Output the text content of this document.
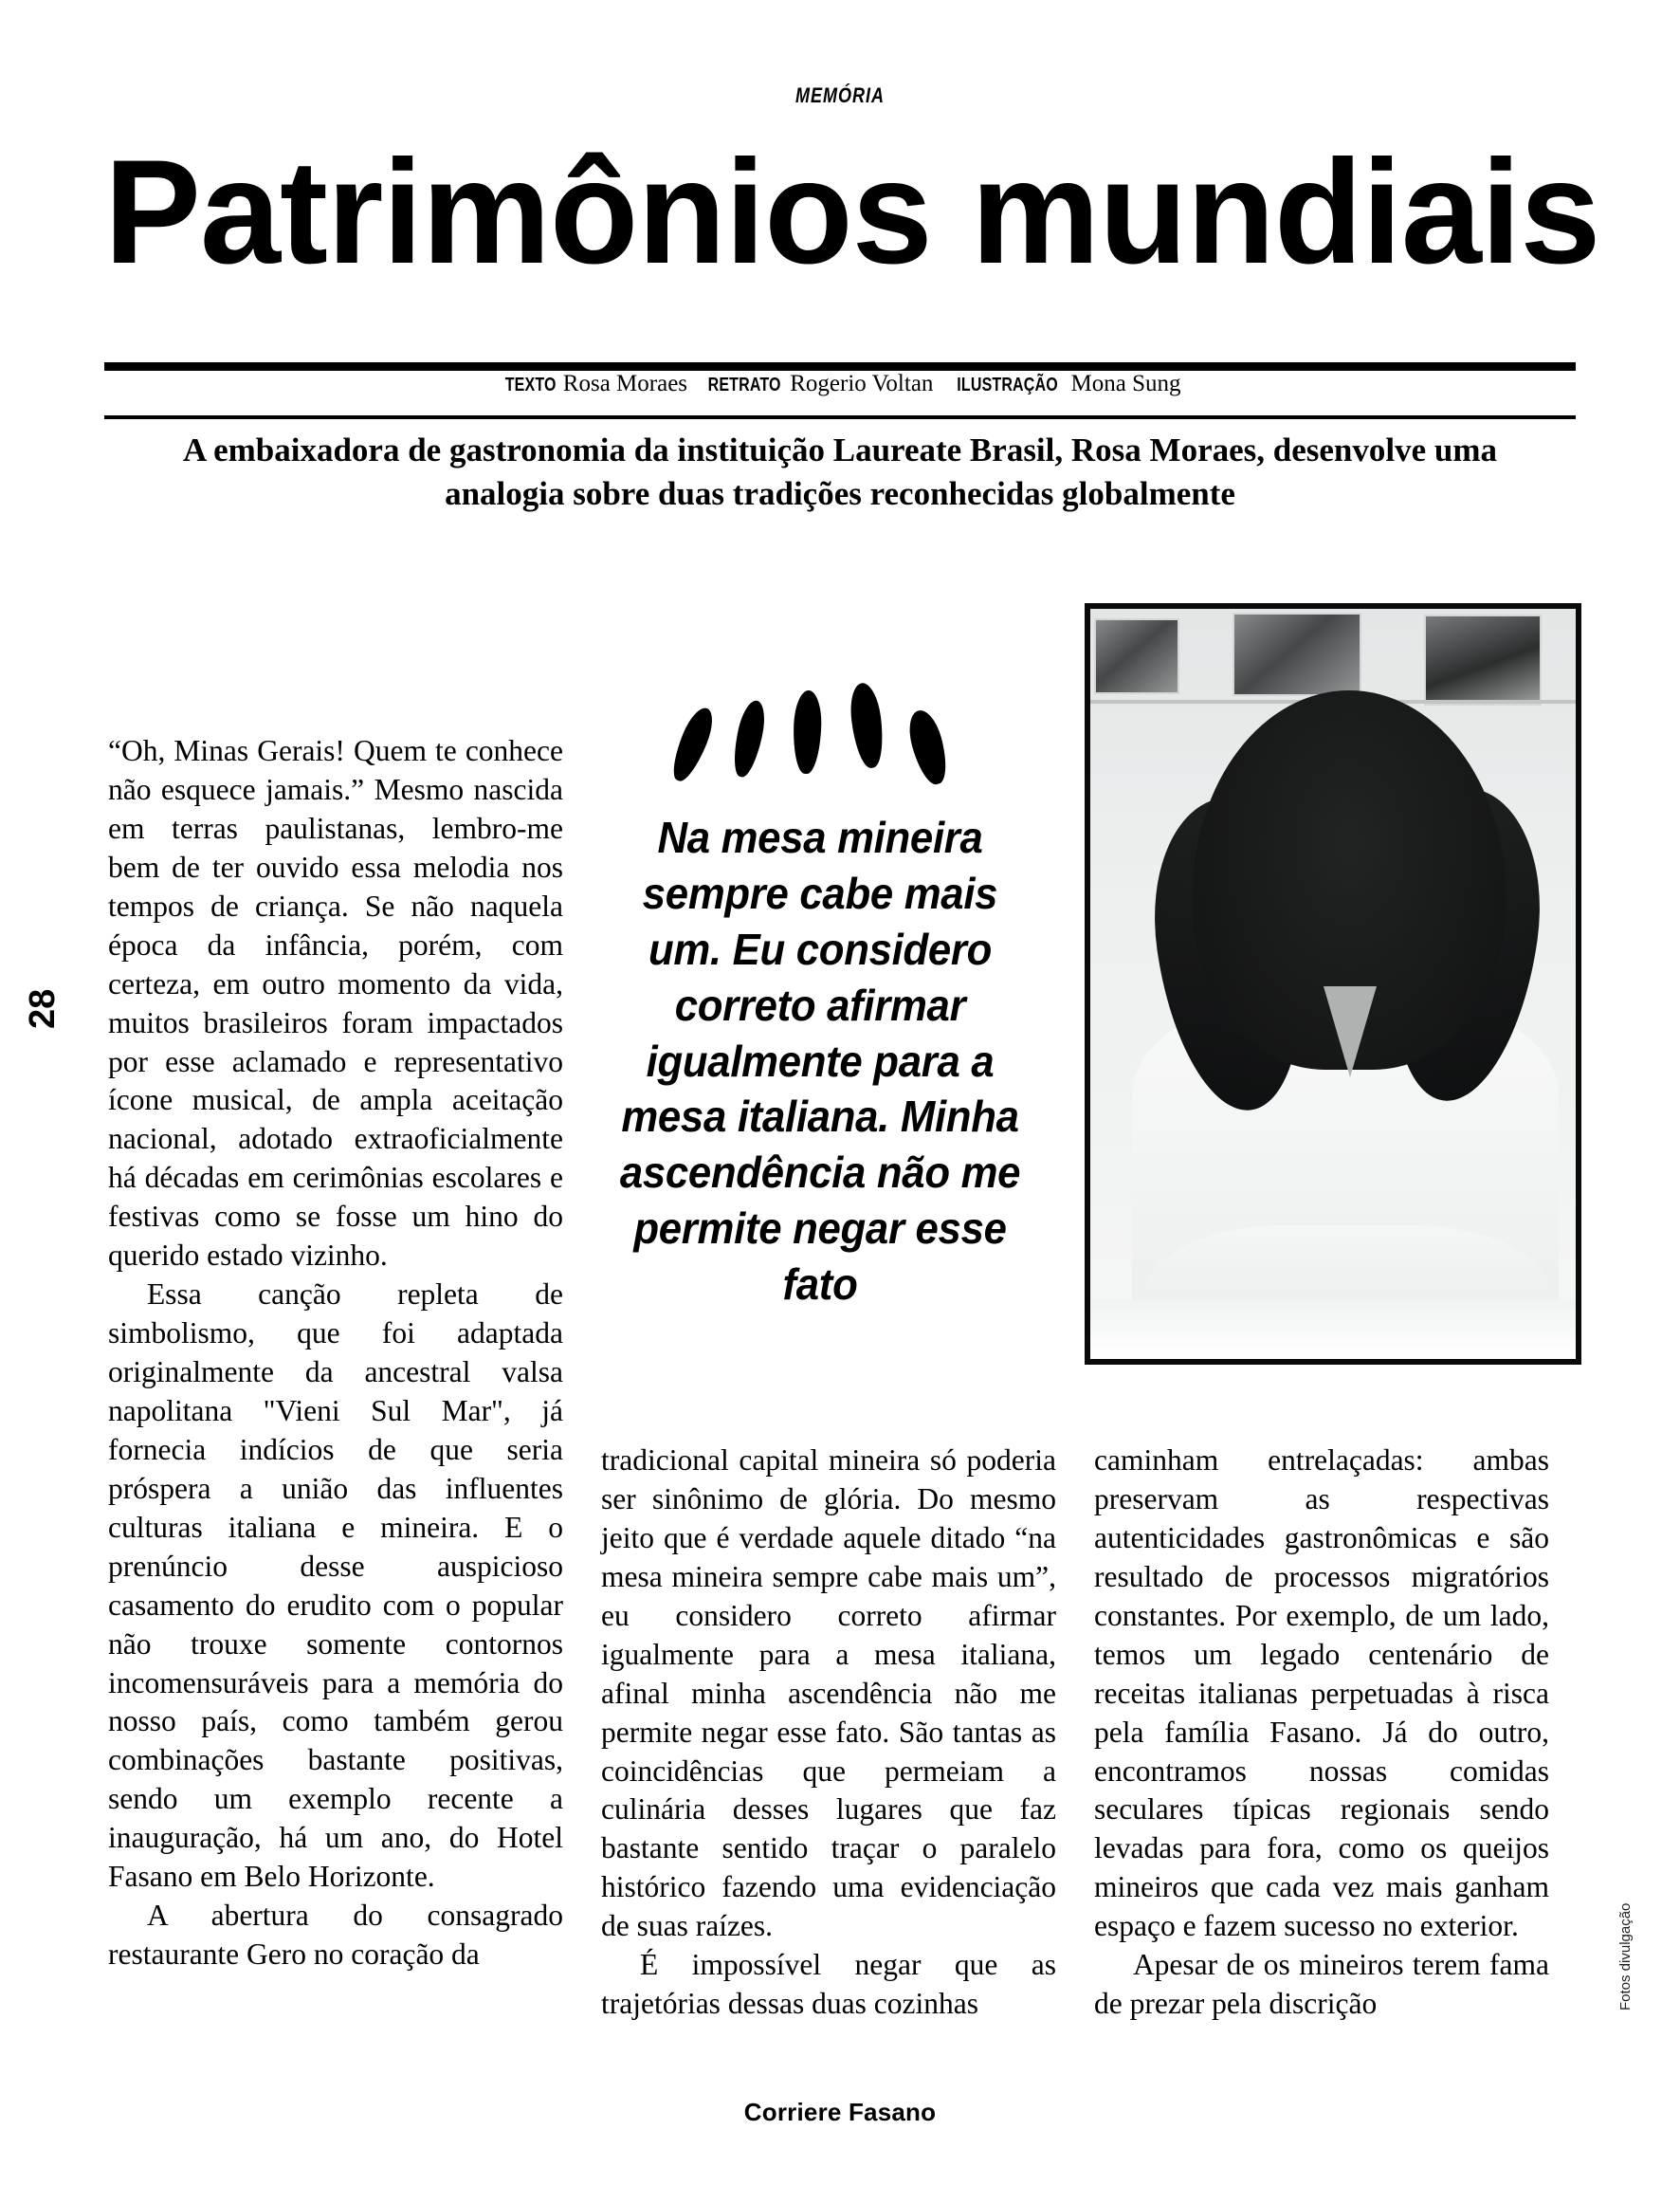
MEMÓRIA
Patrimônios mundiais
TEXTO Rosa Moraes RETRATO Rogerio Voltan ILUSTRAÇÃO Mona Sung
A embaixadora de gastronomia da instituição Laureate Brasil, Rosa Moraes, desenvolve uma analogia sobre duas tradições reconhecidas globalmente
28
Fotos divulgação

“Oh, Minas Gerais! Quem te conhece não esquece jamais.” Mesmo nascida em terras paulistanas, lembro-me bem de ter ouvido essa melodia nos tempos de criança. Se não naquela época da infância, porém, com certeza, em outro momento da vida, muitos brasileiros foram impactados por esse aclamado e representativo ícone musical, de ampla aceitação nacional, adotado extraoficialmente há décadas em cerimônias escolares e festivas como se fosse um hino do querido estado vizinho.

Essa canção repleta de simbolismo, que foi adaptada originalmente da ancestral valsa napolitana "Vieni Sul Mar", já fornecia indícios de que seria próspera a união das influentes culturas italiana e mineira. E o prenúncio desse auspicioso casamento do erudito com o popular não trouxe somente contornos incomensuráveis para a memória do nosso país, como também gerou combinações bastante positivas, sendo um exemplo recente a inauguração, há um ano, do Hotel Fasano em Belo Horizonte.

A abertura do consagrado restaurante Gero no coração da

Na mesa mineira sempre cabe mais um. Eu considero correto afirmar igualmente para a mesa italiana. Minha ascendência não me permite negar esse fato

tradicional capital mineira só poderia ser sinônimo de glória. Do mesmo jeito que é verdade aquele ditado “na mesa mineira sempre cabe mais um”, eu considero correto afirmar igualmente para a mesa italiana, afinal minha ascendência não me permite negar esse fato. São tantas as coincidências que permeiam a culinária desses lugares que faz bastante sentido traçar o paralelo histórico fazendo uma evidenciação de suas raízes.

É impossível negar que as trajetórias dessas duas cozinhas

caminham entrelaçadas: ambas preservam as respectivas autenticidades gastronômicas e são resultado de processos migratórios constantes. Por exemplo, de um lado, temos um legado centenário de receitas italianas perpetuadas à risca pela família Fasano. Já do outro, encontramos nossas comidas seculares típicas regionais sendo levadas para fora, como os queijos mineiros que cada vez mais ganham espaço e fazem sucesso no exterior.

Apesar de os mineiros terem fama de prezar pela discrição

Corriere Fasano
